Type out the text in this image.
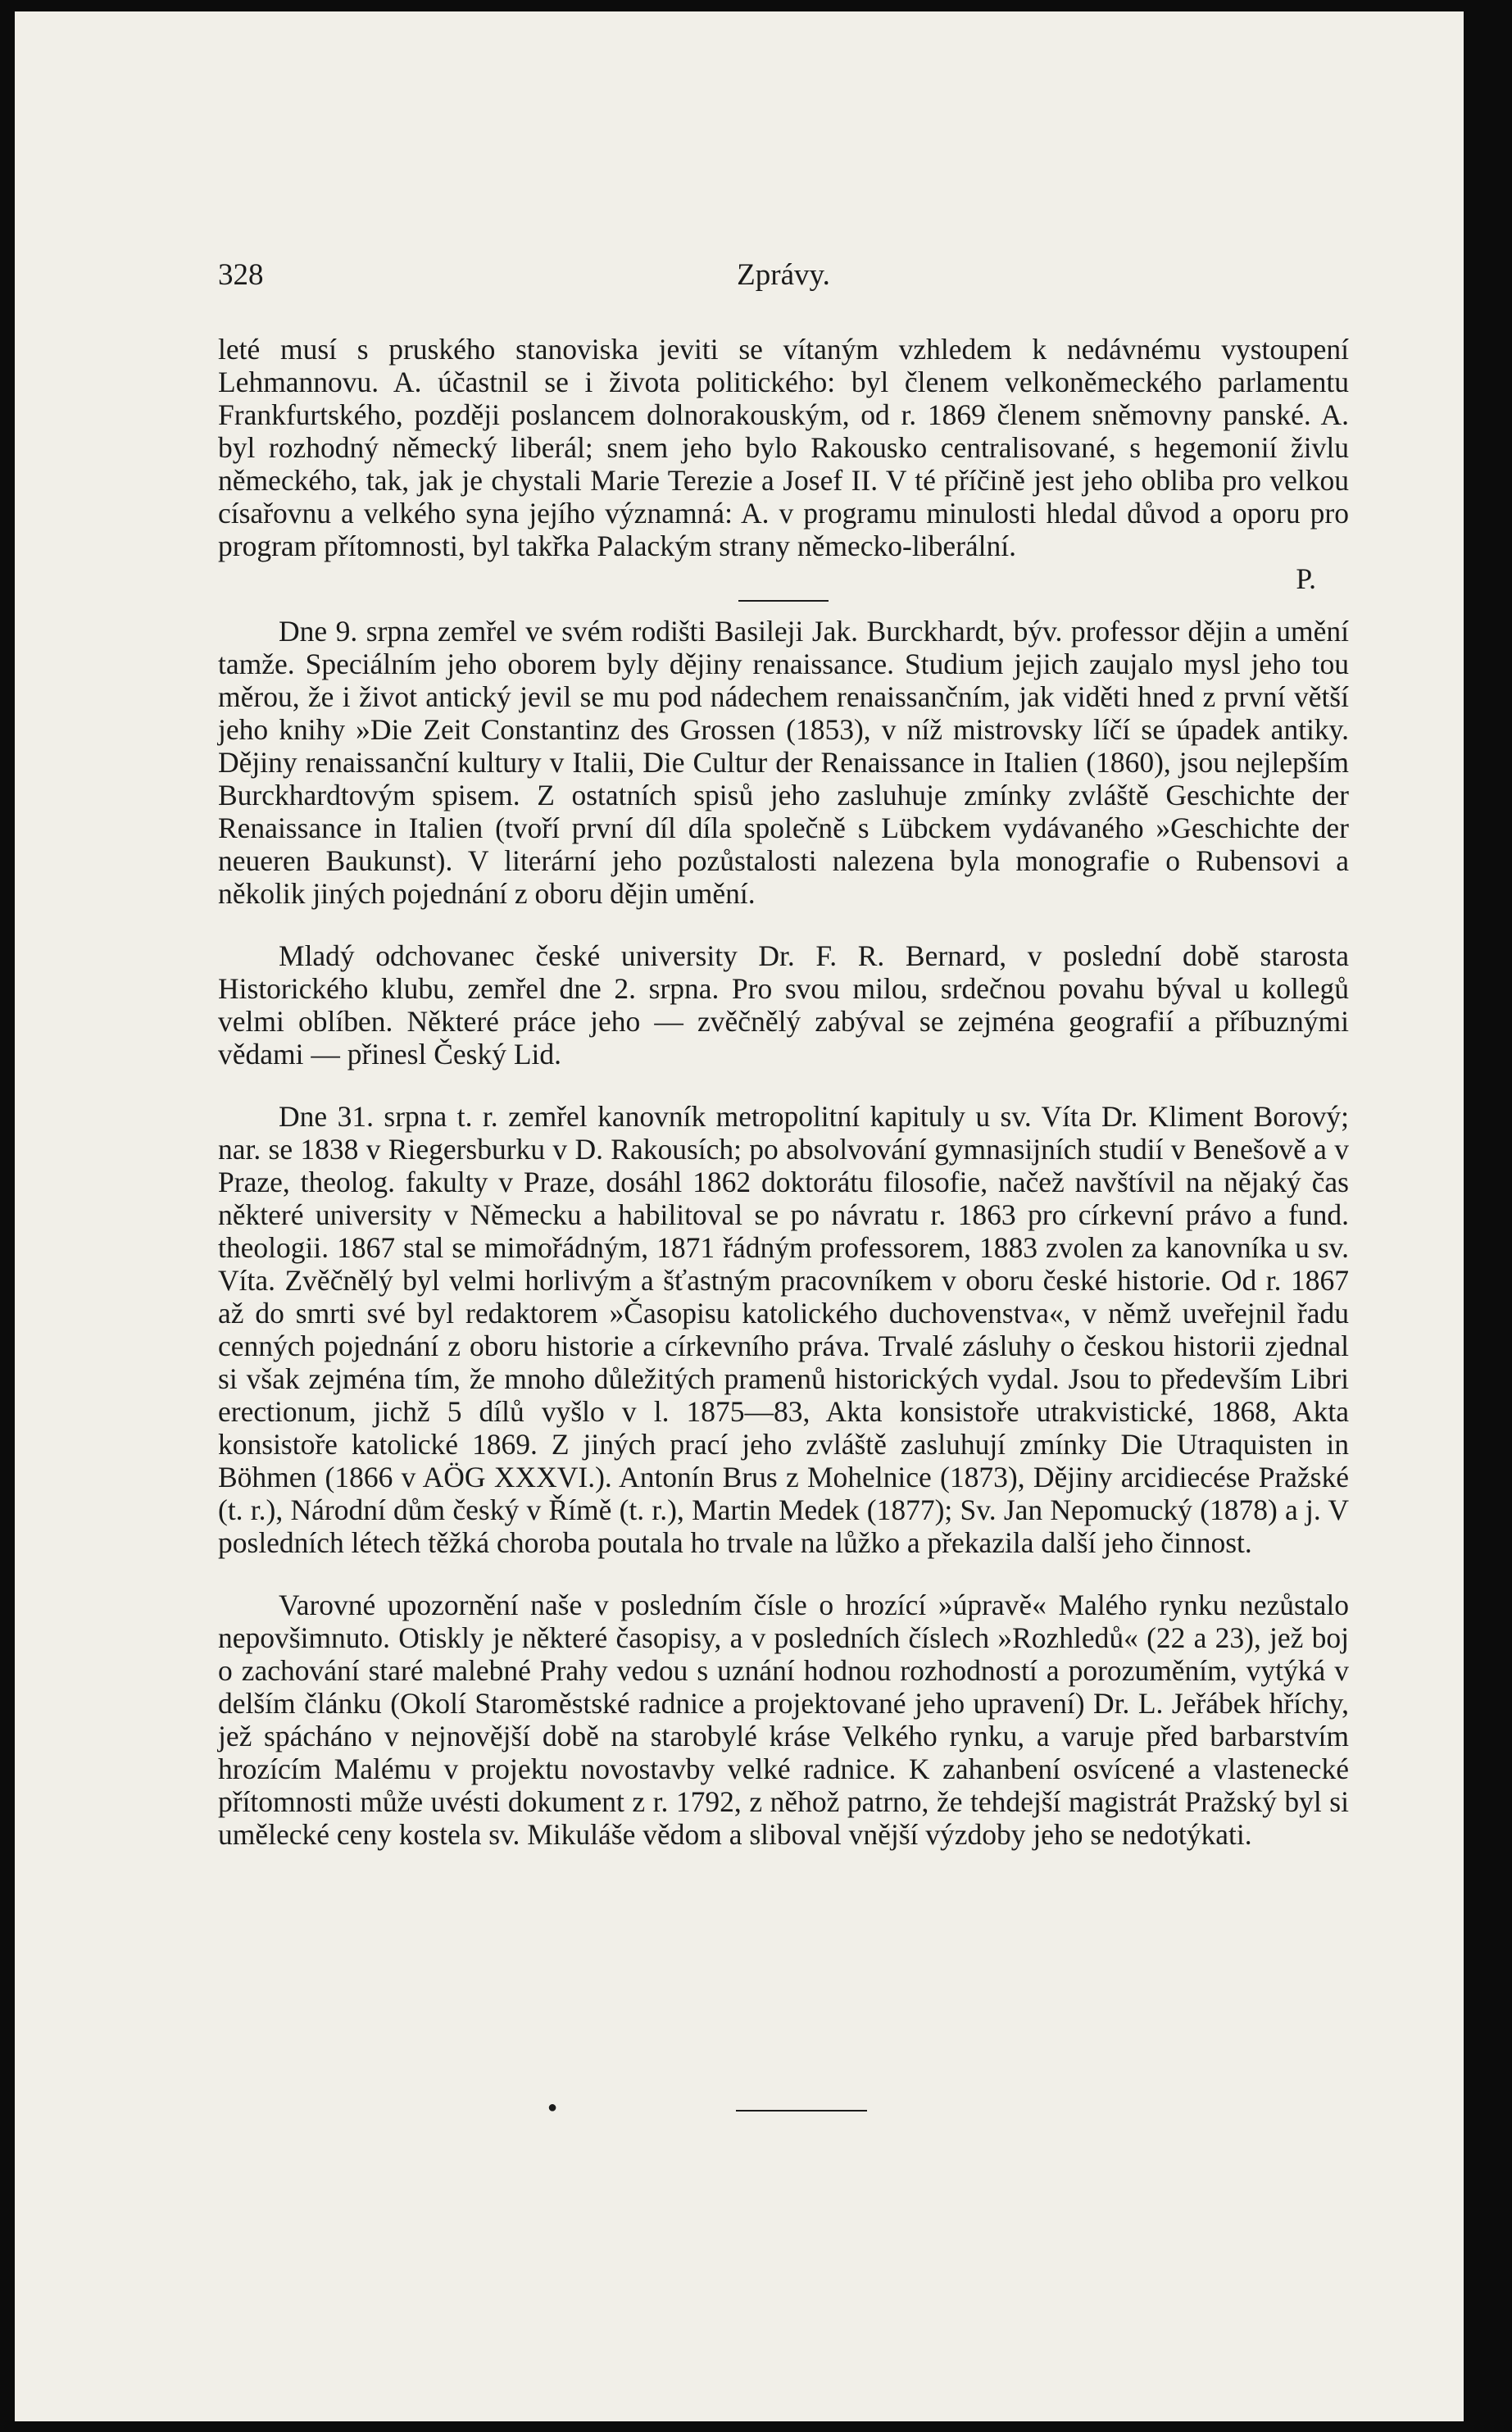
328	Zprávy.

leté musí s pruského stanoviska jeviti se vítaným vzhledem k nedávnému vystoupení Lehmannovu. A. účastnil se i života politického: byl členem velkoněmeckého parlamentu Frankfurtského, později poslancem dolnorakouským, od r. 1869 členem sněmovny panské. A. byl rozhodný německý liberál; snem jeho bylo Rakousko centralisované, s hegemonií živlu německého, tak, jak je chystali Marie Terezie a Josef II. V té příčině jest jeho obliba pro velkou císařovnu a velkého syna jejího významná: A. v programu minulosti hledal důvod a oporu pro program přítomnosti, byl takřka Palackým strany německo-liberální.

P.

Dne 9. srpna zemřel ve svém rodišti Basileji Jak. Burckhardt, býv. professor dějin a umění tamže. Speciálním jeho oborem byly dějiny renaissance. Studium jejich zaujalo mysl jeho tou měrou, že i život antický jevil se mu pod nádechem renaissančním, jak viděti hned z první větší jeho knihy »Die Zeit Constantinz des Grossen (1853), v níž mistrovsky líčí se úpadek antiky. Dějiny renaissanční kultury v Italii, Die Cultur der Renaissance in Italien (1860), jsou nejlepším Burckhardtovým spisem. Z ostatních spisů jeho zasluhuje zmínky zvláště Geschichte der Renaissance in Italien (tvoří první díl díla společně s Lübckem vydávaného »Geschichte der neueren Baukunst). V literární jeho pozůstalosti nalezena byla monografie o Rubensovi a několik jiných pojednání z oboru dějin umění.

Mladý odchovanec české university Dr. F. R. Bernard, v poslední době starosta Historického klubu, zemřel dne 2. srpna. Pro svou milou, srdečnou povahu býval u kollegů velmi oblíben. Některé práce jeho — zvěčnělý zabýval se zejména geografií a příbuznými vědami — přinesl Český Lid.

Dne 31. srpna t. r. zemřel kanovník metropolitní kapituly u sv. Víta Dr. Kliment Borový; nar. se 1838 v Riegersburku v D. Rakousích; po absolvování gymnasijních studií v Benešově a v Praze, theolog. fakulty v Praze, dosáhl 1862 doktorátu filosofie, načež navštívil na nějaký čas některé university v Německu a habilitoval se po návratu r. 1863 pro církevní právo a fund. theologii. 1867 stal se mimořádným, 1871 řádným professorem, 1883 zvolen za kanovníka u sv. Víta. Zvěčnělý byl velmi horlivým a šťastným pracovníkem v oboru české historie. Od r. 1867 až do smrti své byl redaktorem »Časopisu katolického duchovenstva«, v němž uveřejnil řadu cenných pojednání z oboru historie a církevního práva. Trvalé zásluhy o českou historii zjednal si však zejména tím, že mnoho důležitých pramenů historických vydal. Jsou to především Libri erectionum, jichž 5 dílů vyšlo v l. 1875—83, Akta konsistoře utrakvistické, 1868, Akta konsistoře katolické 1869. Z jiných prací jeho zvláště zasluhují zmínky Die Utraquisten in Böhmen (1866 v AÖG XXXVI.). Antonín Brus z Mohelnice (1873), Dějiny arcidiecése Pražské (t. r.), Národní dům český v Římě (t. r.), Martin Medek (1877); Sv. Jan Nepomucký (1878) a j. V posledních létech těžká choroba poutala ho trvale na lůžko a překazila další jeho činnost.

Varovné upozornění naše v posledním čísle o hrozící »úpravě« Malého rynku nezůstalo nepovšimnuto. Otiskly je některé časopisy, a v posledních číslech »Rozhledů« (22 a 23), jež boj o zachování staré malebné Prahy vedou s uznání hodnou rozhodností a porozuměním, vytýká v delším článku (Okolí Staroměstské radnice a projektované jeho upravení) Dr. L. Jeřábek hříchy, jež spácháno v nejnovější době na starobylé kráse Velkého rynku, a varuje před barbarstvím hrozícím Malému v projektu novostavby velké radnice. K zahanbení osvícené a vlastenecké přítomnosti může uvésti dokument z r. 1792, z něhož patrno, že tehdejší magistrát Pražský byl si umělecké ceny kostela sv. Mikuláše vědom a sliboval vnější výzdoby jeho se nedotýkati.

●
